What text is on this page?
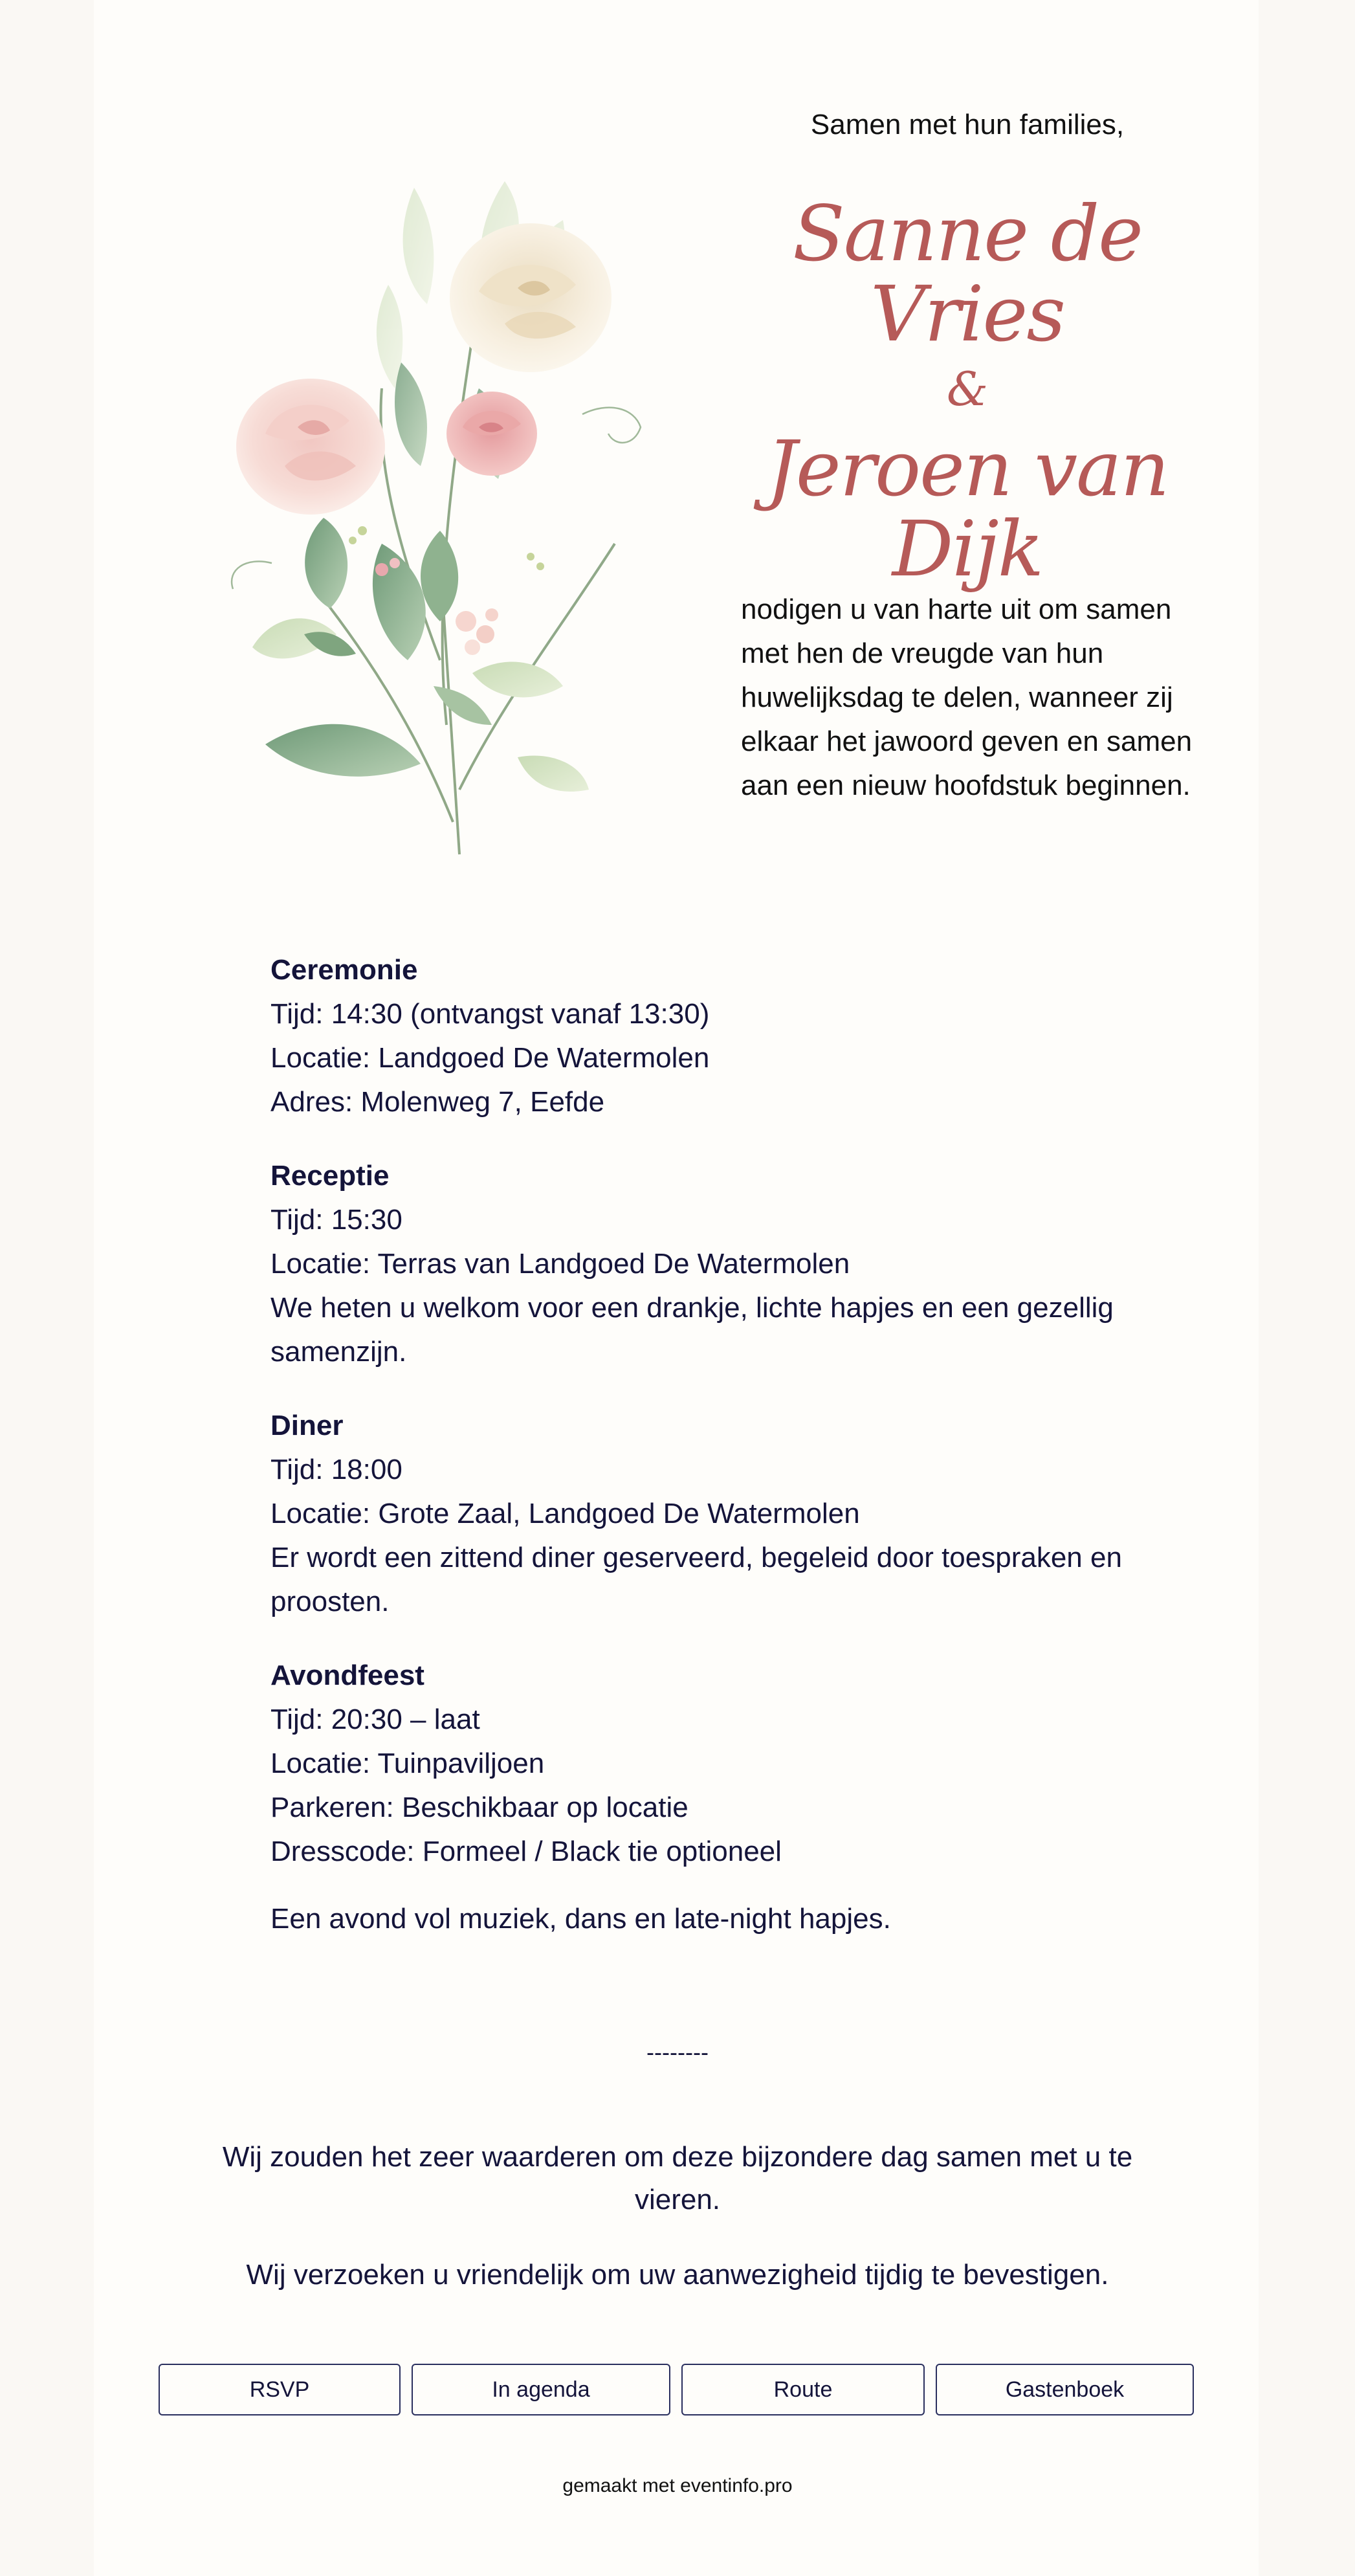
Samen met hun families,
Sanne de Vries
&
Jeroen van Dijk
nodigen u van harte uit om samen met hen de vreugde van hun huwelijksdag te delen, wanneer zij elkaar het jawoord geven en samen aan een nieuw hoofdstuk beginnen.
Ceremonie
Tijd: 14:30 (ontvangst vanaf 13:30)
Locatie: Landgoed De Watermolen
Adres: Molenweg 7, Eefde
Receptie
Tijd: 15:30
Locatie: Terras van Landgoed De Watermolen
We heten u welkom voor een drankje, lichte hapjes en een gezellig samenzijn.
Diner
Tijd: 18:00
Locatie: Grote Zaal, Landgoed De Watermolen
Er wordt een zittend diner geserveerd, begeleid door toespraken en proosten.
Avondfeest
Tijd: 20:30 – laat
Locatie: Tuinpaviljoen
Parkeren: Beschikbaar op locatie
Dresscode: Formeel / Black tie optioneel
Een avond vol muziek, dans en late-night hapjes.
--------

Wij zouden het zeer waarderen om deze bijzondere dag samen met u te vieren.

Wij verzoeken u vriendelijk om uw aanwezigheid tijdig te bevestigen.

RSVP	In agenda	Route	Gastenboek
gemaakt met eventinfo.pro
